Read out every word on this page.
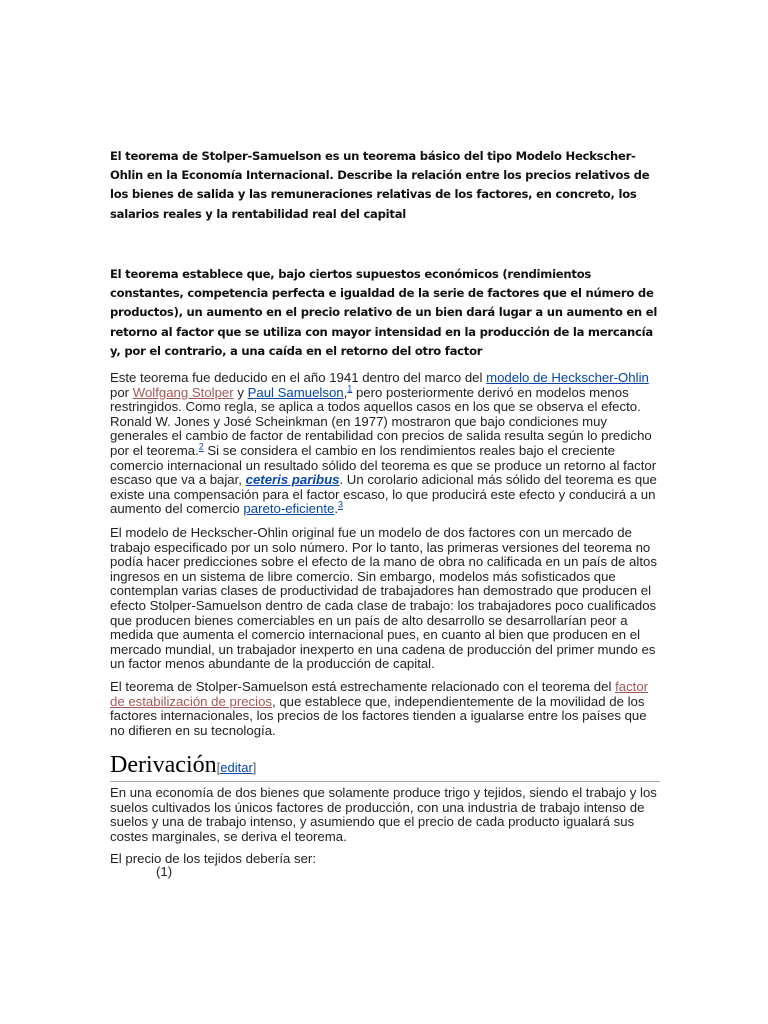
El teorema de Stolper-Samuelson es un teorema básico del tipo Modelo Heckscher-Ohlin en la Economía Internacional. Describe la relación entre los precios relativos de los bienes de salida y las remuneraciones relativas de los factores, en concreto, los salarios reales y la rentabilidad real del capital

El teorema establece que, bajo ciertos supuestos económicos (rendimientos constantes, competencia perfecta e igualdad de la serie de factores que el número de productos), un aumento en el precio relativo de un bien dará lugar a un aumento en el retorno al factor que se utiliza con mayor intensidad en la producción de la mercancía y, por el contrario, a una caída en el retorno del otro factor

Este teorema fue deducido en el año 1941 dentro del marco del modelo de Heckscher-Ohlin por Wolfgang Stolper y Paul Samuelson,$^1$ pero posteriormente derivó en modelos menos restringidos. Como regla, se aplica a todos aquellos casos en los que se observa el efecto. Ronald W. Jones y José Scheinkman (en 1977) mostraron que bajo condiciones muy generales el cambio de factor de rentabilidad con precios de salida resulta según lo predicho por el teorema.$^2$ Si se considera el cambio en los rendimientos reales bajo el creciente comercio internacional un resultado sólido del teorema es que se produce un retorno al factor escaso que va a bajar, ceteris paribus. Un corolario adicional más sólido del teorema es que existe una compensación para el factor escaso, lo que producirá este efecto y conducirá a un aumento del comercio pareto-eficiente.$^3$

El modelo de Heckscher-Ohlin original fue un modelo de dos factores con un mercado de trabajo especificado por un solo número. Por lo tanto, las primeras versiones del teorema no podía hacer predicciones sobre el efecto de la mano de obra no calificada en un país de altos ingresos en un sistema de libre comercio. Sin embargo, modelos más sofisticados que contemplan varias clases de productividad de trabajadores han demostrado que producen el efecto Stolper-Samuelson dentro de cada clase de trabajo: los trabajadores poco cualificados que producen bienes comerciables en un país de alto desarrollo se desarrollarían peor a medida que aumenta el comercio internacional pues, en cuanto al bien que producen en el mercado mundial, un trabajador inexperto en una cadena de producción del primer mundo es un factor menos abundante de la producción de capital.

El teorema de Stolper-Samuelson está estrechamente relacionado con el teorema del factor de estabilización de precios, que establece que, independientemente de la movilidad de los factores internacionales, los precios de los factores tienden a igualarse entre los países que no difieren en su tecnología.

Derivación[editar]

En una economía de dos bienes que solamente produce trigo y tejidos, siendo el trabajo y los suelos cultivados los únicos factores de producción, con una industria de trabajo intenso de suelos y una de trabajo intenso, y asumiendo que el precio de cada producto igualará sus costes marginales, se deriva el teorema.

El precio de los tejidos debería ser:

(1)
